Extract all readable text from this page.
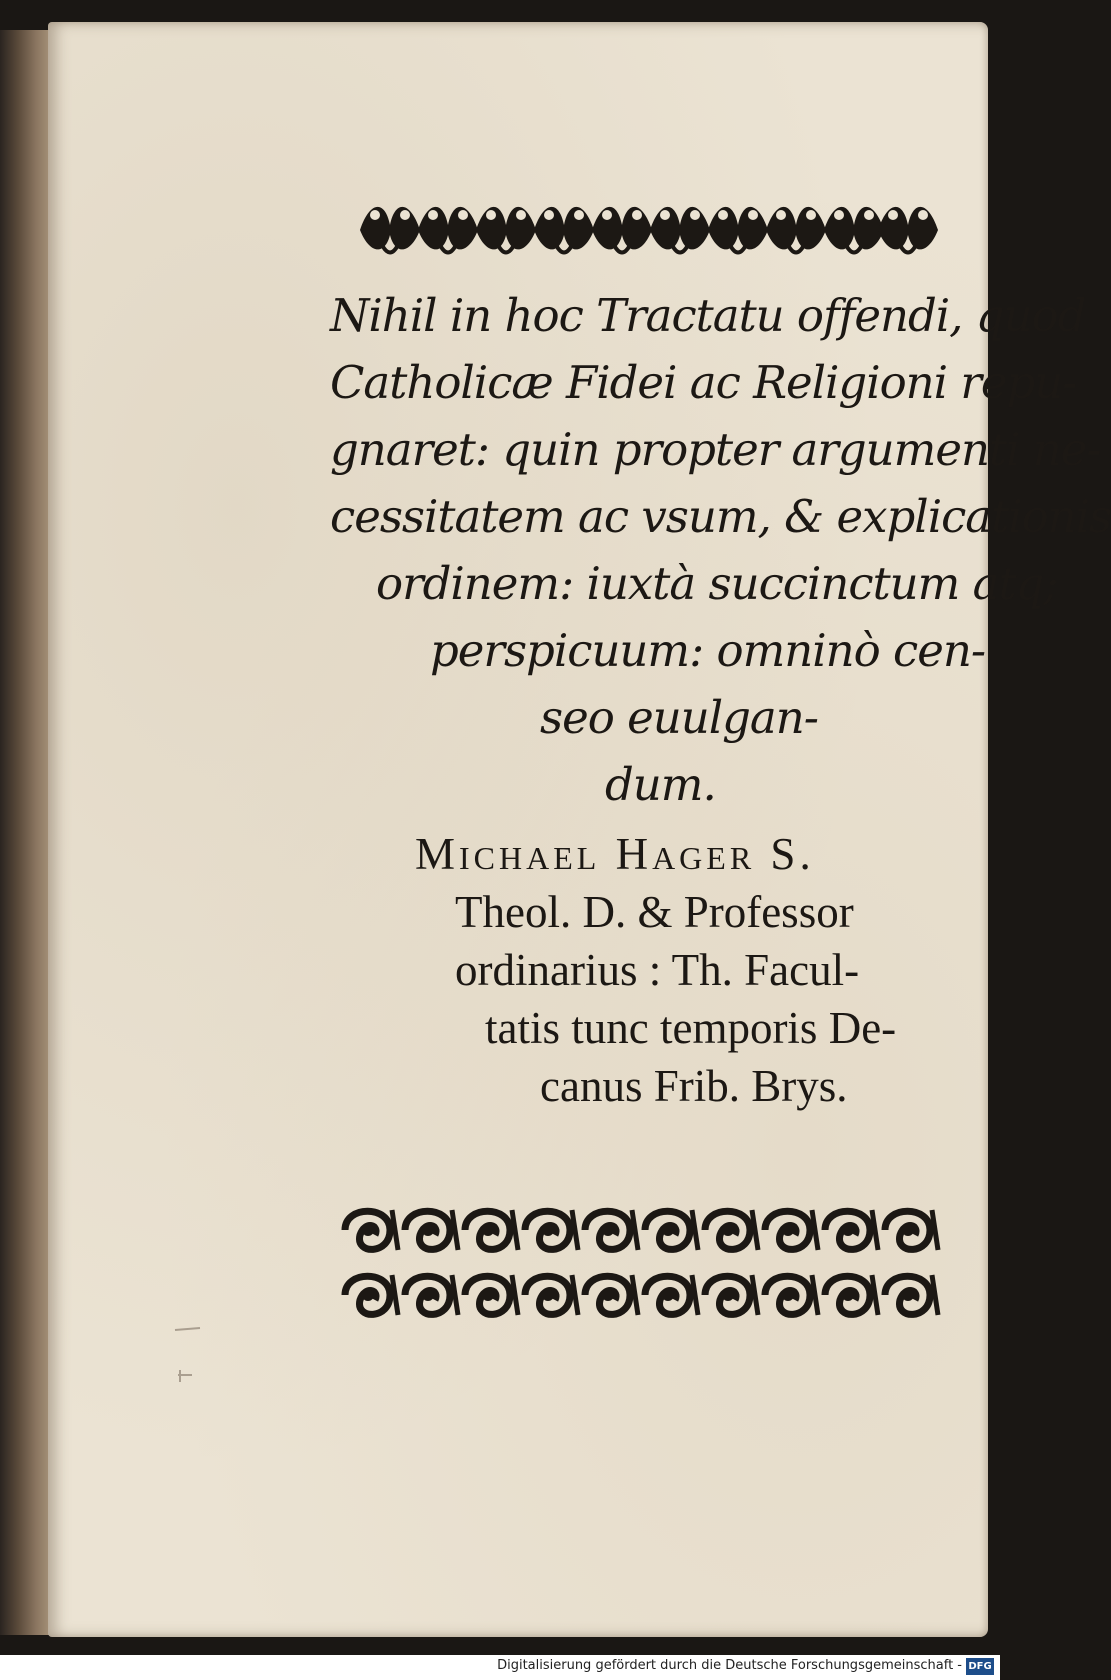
Nihil in hoc Tractatu offendi, quod
Catholicæ Fidei ac Religioni repu-
gnaret: quin propter argumenti ne-
cessitatem ac vsum, & explicationis
ordinem: iuxtà succinctum atq;
perspicuum: omninò cen-
seo euulgan-
dum.
Michael Hager S.
Theol. D. & Professor
ordinarius : Th. Facul-
tatis tunc temporis De-
canus Frib. Brys.
Digitalisierung gefördert durch die Deutsche Forschungsgemeinschaft - DFG
